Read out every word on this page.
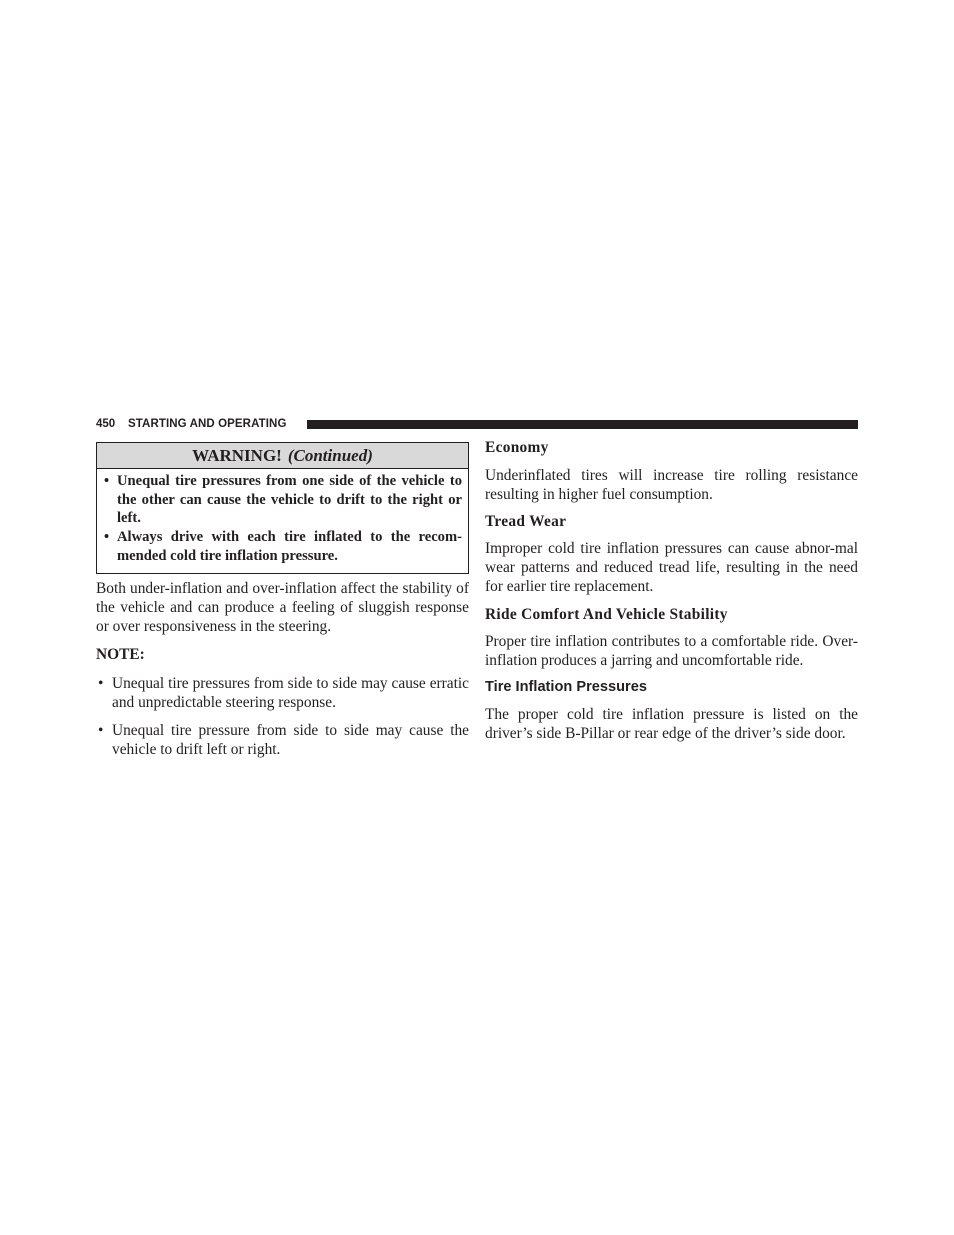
450 STARTING AND OPERATING
WARNING! (Continued)
• Unequal tire pressures from one side of the vehicle to the other can cause the vehicle to drift to the right or left.
• Always drive with each tire inflated to the recom-mended cold tire inflation pressure.

Both under-inflation and over-inflation affect the stability of the vehicle and can produce a feeling of sluggish response or over responsiveness in the steering.

NOTE:

• Unequal tire pressures from side to side may cause erratic and unpredictable steering response.
• Unequal tire pressure from side to side may cause the vehicle to drift left or right.
Economy

Underinflated tires will increase tire rolling resistance resulting in higher fuel consumption.

Tread Wear

Improper cold tire inflation pressures can cause abnor-mal wear patterns and reduced tread life, resulting in the need for earlier tire replacement.

Ride Comfort And Vehicle Stability

Proper tire inflation contributes to a comfortable ride. Over-inflation produces a jarring and uncomfortable ride.

Tire Inflation Pressures

The proper cold tire inflation pressure is listed on the driver’s side B-Pillar or rear edge of the driver’s side door.
